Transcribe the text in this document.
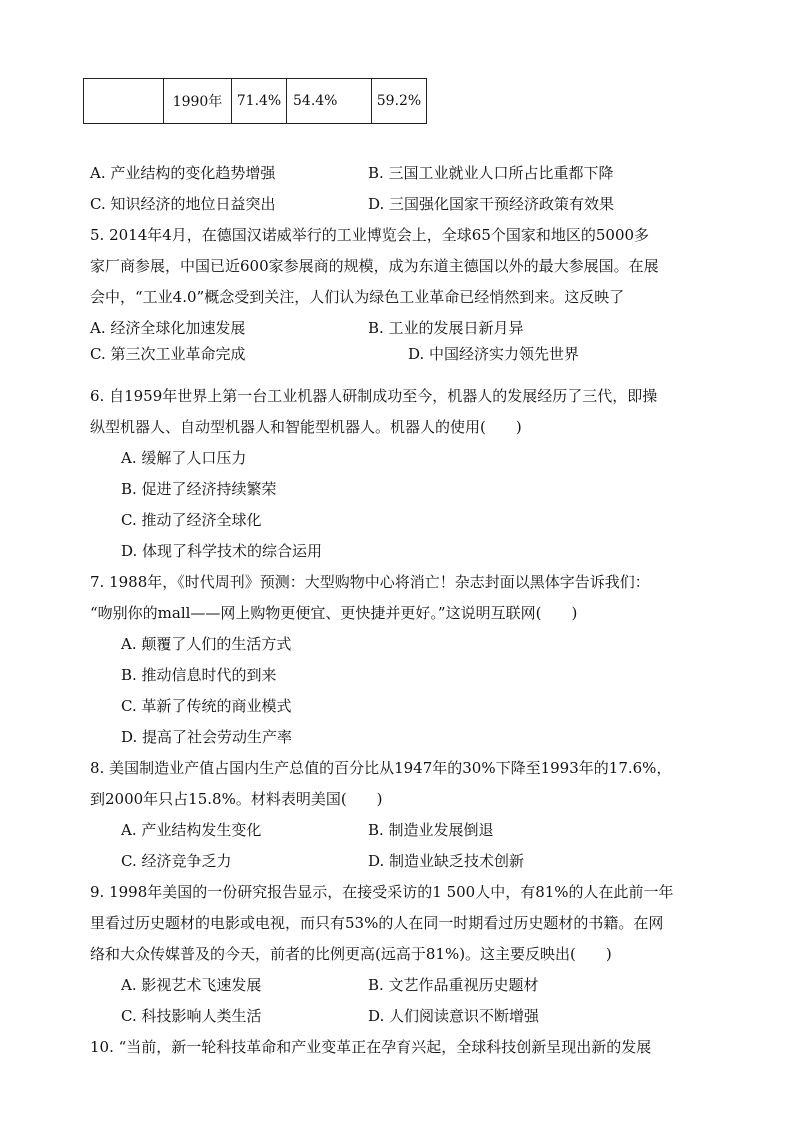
	1990年	71.4%	54.4%	59.2%
A. 产业结构的变化趋势增强	B. 三国工业就业人口所占比重都下降
C. 知识经济的地位日益突出	D. 三国强化国家干预经济政策有效果
5. 2014年4月，在德国汉诺威举行的工业博览会上，全球65个国家和地区的5000多
家厂商参展，中国已近600家参展商的规模，成为东道主德国以外的最大参展国。在展
会中，“工业4.0”概念受到关注，人们认为绿色工业革命已经悄然到来。这反映了
A. 经济全球化加速发展	B. 工业的发展日新月异
C. 第三次工业革命完成	D. 中国经济实力领先世界
6. 自1959年世界上第一台工业机器人研制成功至今，机器人的发展经历了三代，即操
纵型机器人、自动型机器人和智能型机器人。机器人的使用(　　)
A. 缓解了人口压力
B. 促进了经济持续繁荣
C. 推动了经济全球化
D. 体现了科学技术的综合运用
7. 1988年，《时代周刊》预测：大型购物中心将消亡！杂志封面以黑体字告诉我们：
“吻别你的mall——网上购物更便宜、更快捷并更好。”这说明互联网(　　)
A. 颠覆了人们的生活方式
B. 推动信息时代的到来
C. 革新了传统的商业模式
D. 提高了社会劳动生产率
8. 美国制造业产值占国内生产总值的百分比从1947年的30%下降至1993年的17.6%，
到2000年只占15.8%。材料表明美国(　　)
A. 产业结构发生变化	B. 制造业发展倒退
C. 经济竞争乏力	D. 制造业缺乏技术创新
9. 1998年美国的一份研究报告显示，在接受采访的1 500人中，有81%的人在此前一年
里看过历史题材的电影或电视，而只有53%的人在同一时期看过历史题材的书籍。在网
络和大众传媒普及的今天，前者的比例更高(远高于81%)。这主要反映出(　　)
A. 影视艺术飞速发展	B. 文艺作品重视历史题材
C. 科技影响人类生活	D. 人们阅读意识不断增强
10. “当前，新一轮科技革命和产业变革正在孕育兴起，全球科技创新呈现出新的发展
